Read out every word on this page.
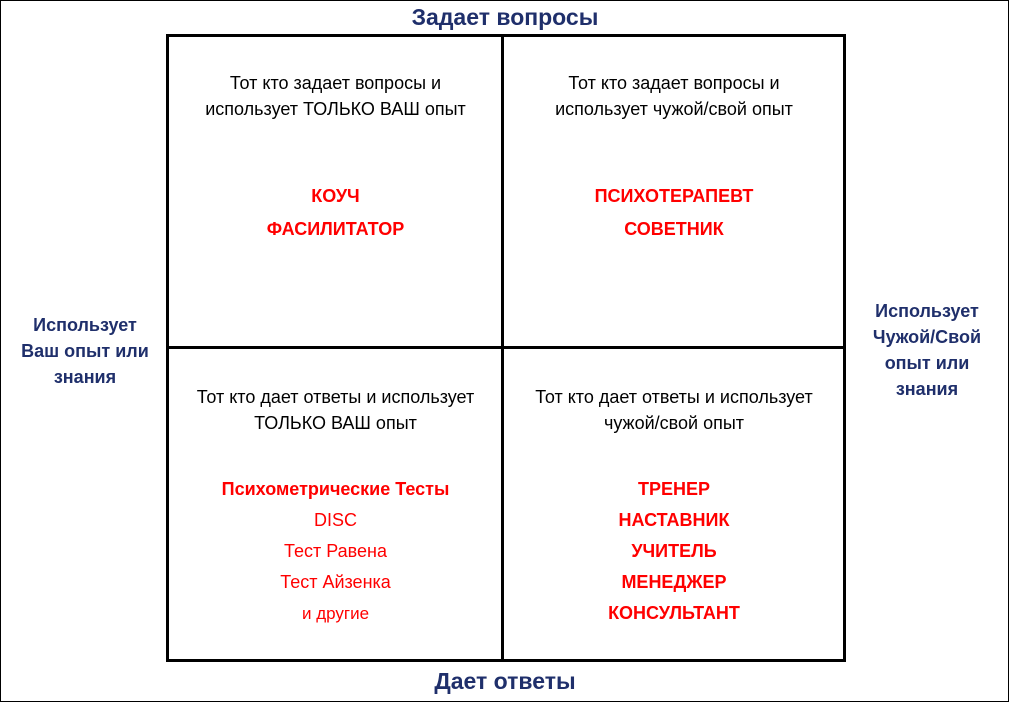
Задает вопросы
Дает ответы
Использует
Ваш опыт или
знания
Использует
Чужой/Свой
опыт или
знания
Тот кто задает вопросы и
использует ТОЛЬКО ВАШ опыт
КОУЧ
ФАСИЛИТАТОР
Тот кто задает вопросы и
использует чужой/свой опыт
ПСИХОТЕРАПЕВТ
СОВЕТНИК
Тот кто дает ответы и использует
ТОЛЬКО ВАШ опыт
Психометрические Тесты
DISC
Тест Равена
Тест Айзенка
и другие
Тот кто дает ответы и использует
чужой/свой опыт
ТРЕНЕР
НАСТАВНИК
УЧИТЕЛЬ
МЕНЕДЖЕР
КОНСУЛЬТАНТ
